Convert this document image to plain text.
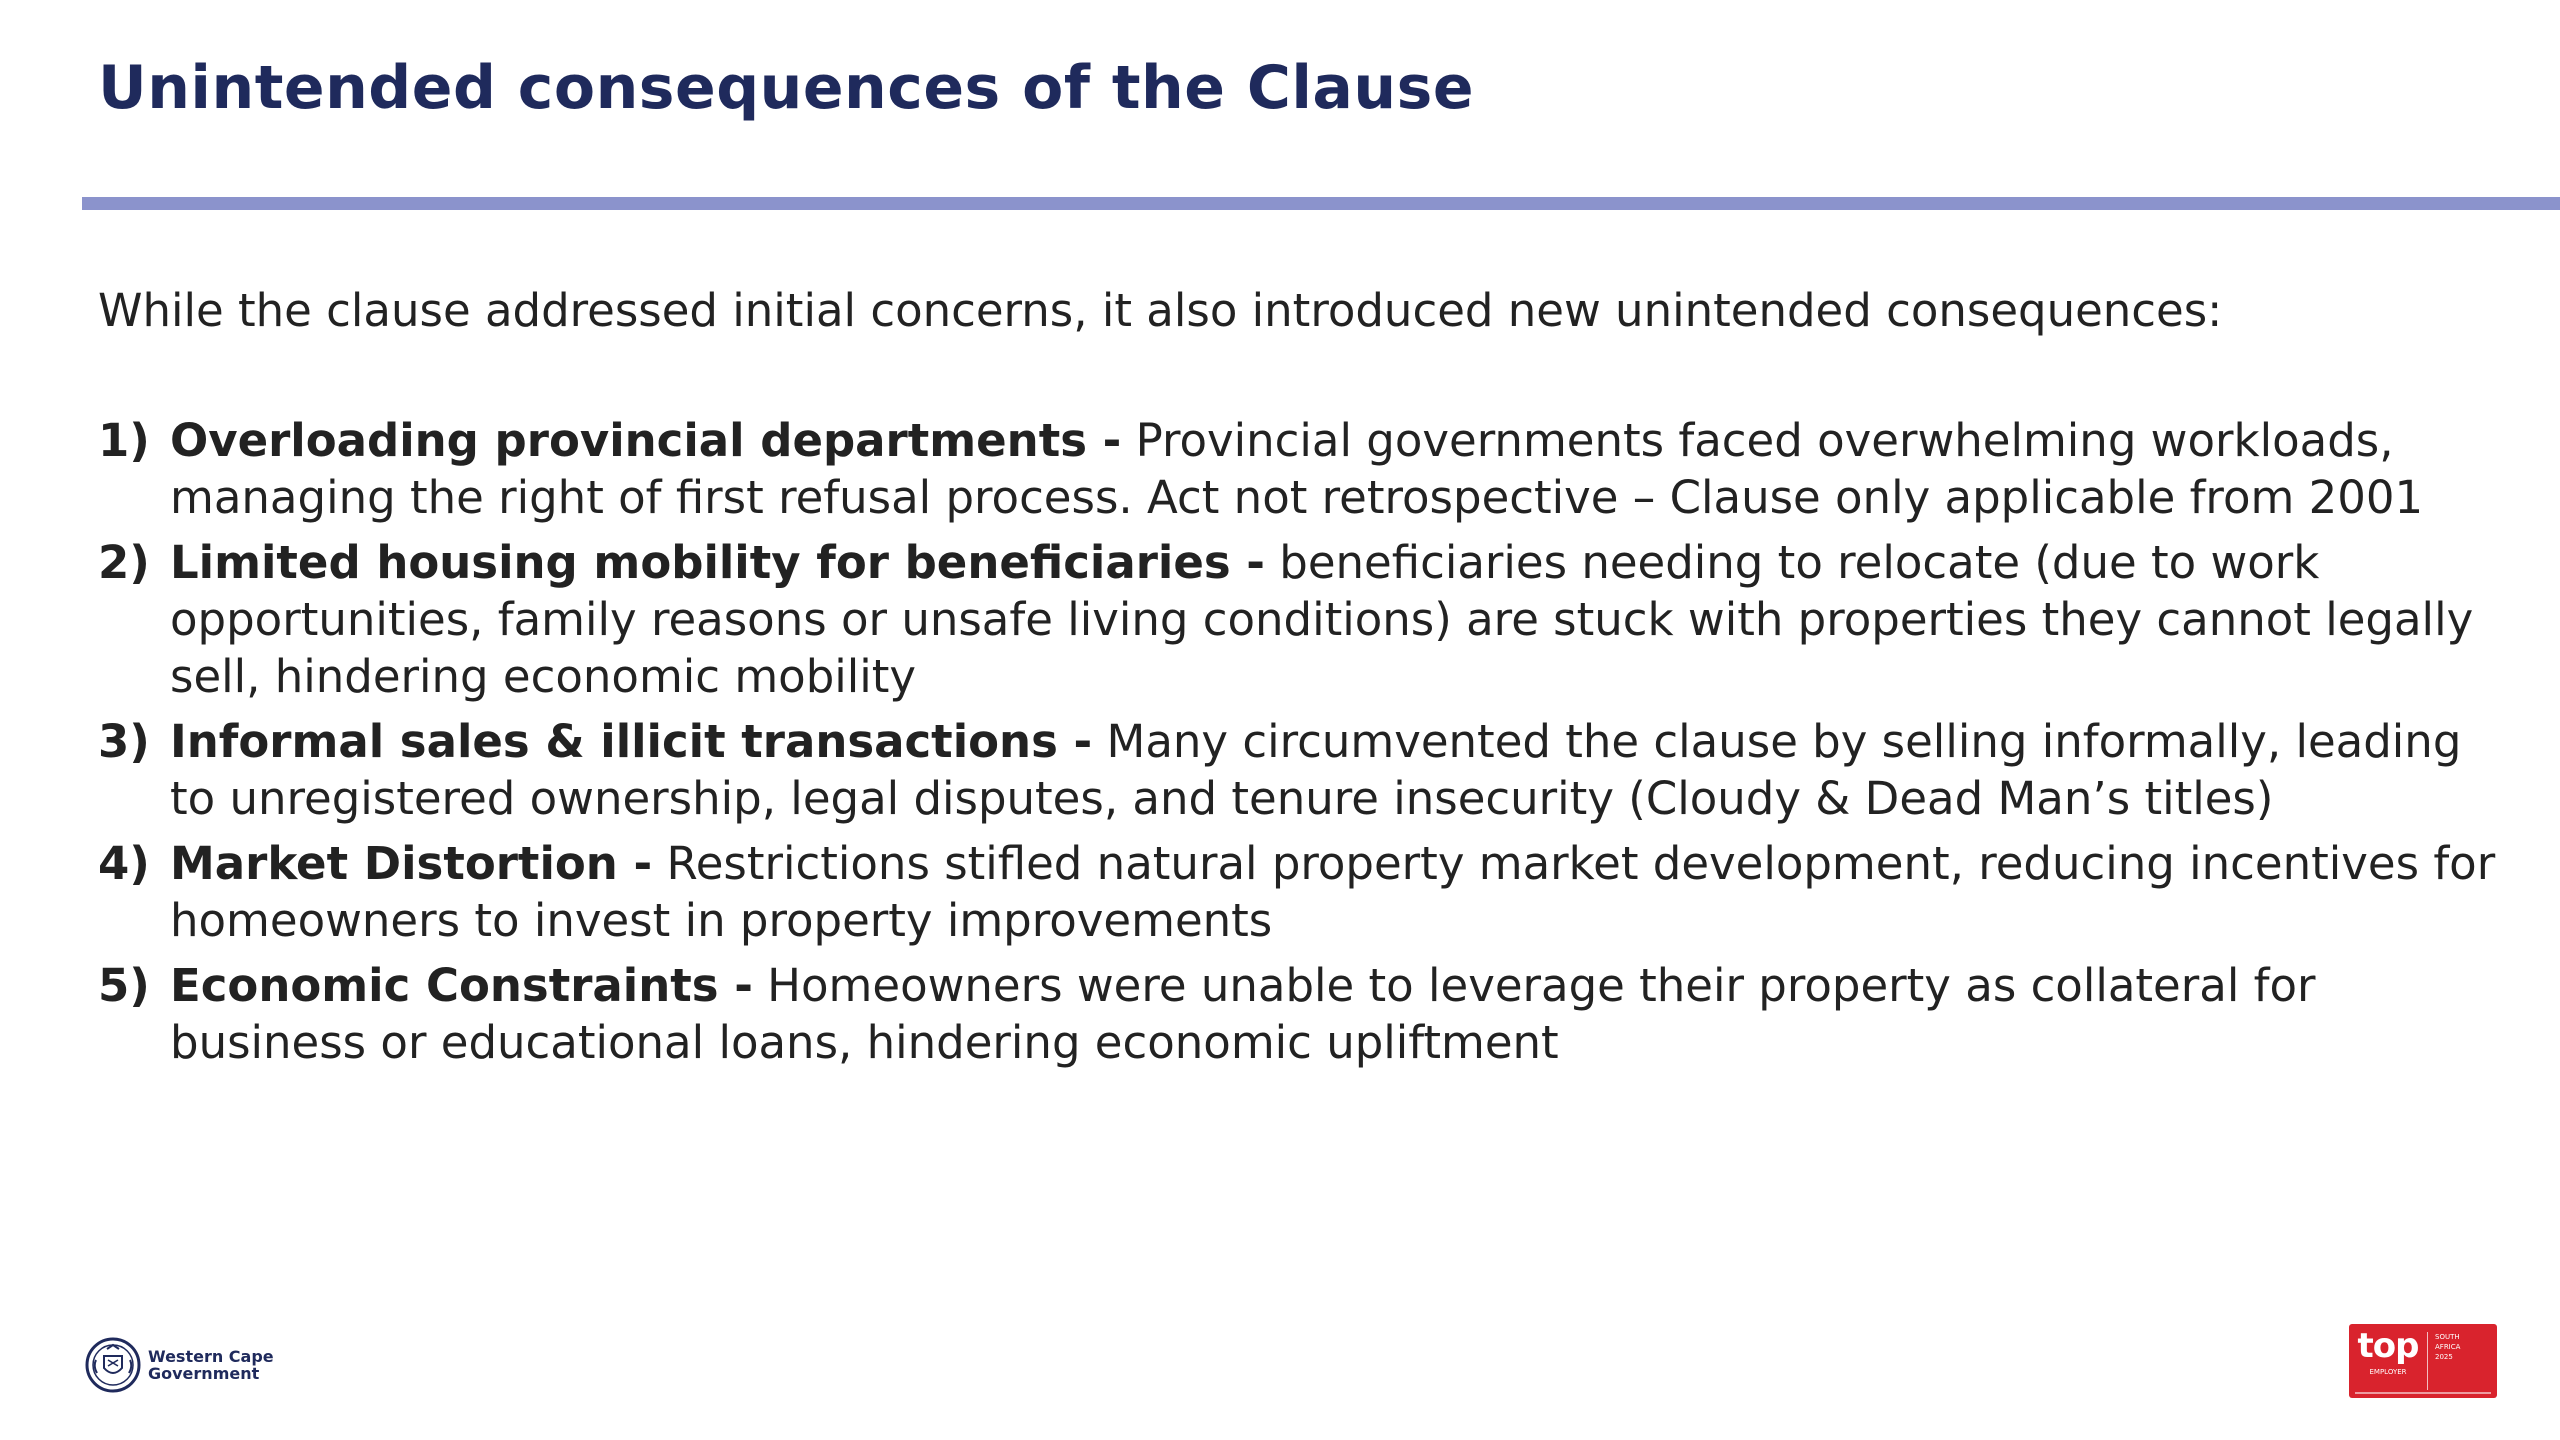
Unintended consequences of the Clause

While the clause addressed initial concerns, it also introduced new unintended consequences:

1) Overloading provincial departments - Provincial governments faced overwhelming workloads, managing the right of first refusal process. Act not retrospective – Clause only applicable from 2001
2) Limited housing mobility for beneficiaries - beneficiaries needing to relocate (due to work opportunities, family reasons or unsafe living conditions) are stuck with properties they cannot legally sell, hindering economic mobility
3) Informal sales & illicit transactions - Many circumvented the clause by selling informally, leading to unregistered ownership, legal disputes, and tenure insecurity (Cloudy & Dead Man’s titles)
4) Market Distortion - Restrictions stifled natural property market development, reducing incentives for homeowners to invest in property improvements
5) Economic Constraints - Homeowners were unable to leverage their property as collateral for business or educational loans, hindering economic upliftment
Western Cape
Government
top
EMPLOYER
SOUTH
AFRICA
2025
